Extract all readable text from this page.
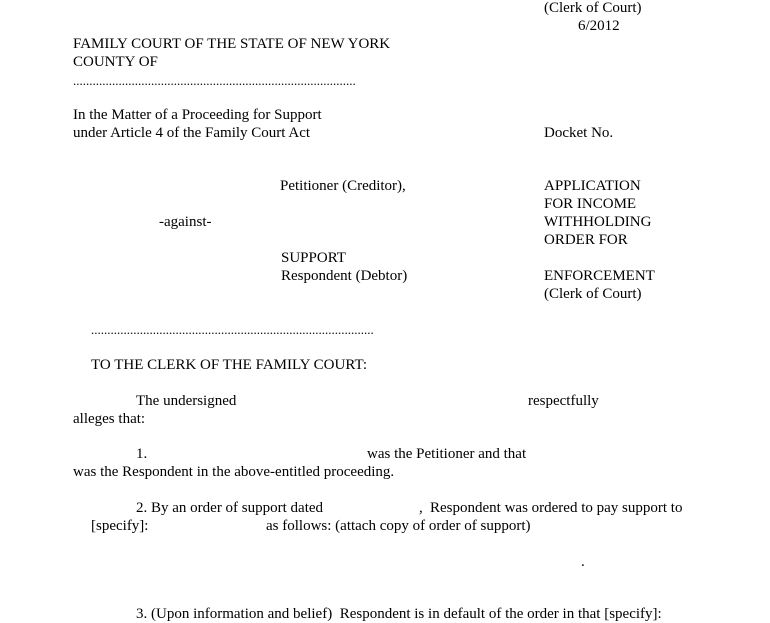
(Clerk of Court)
6/2012
FAMILY COURT OF THE STATE OF NEW YORK
COUNTY OF
.......................................................................................
In the Matter of a Proceeding for Support
under Article 4 of the Family Court Act	Docket No.
Petitioner (Creditor),	APPLICATION
FOR INCOME
-against-	WITHHOLDING
ORDER FOR
SUPPORT
Respondent (Debtor)	ENFORCEMENT
(Clerk of Court)
.......................................................................................
TO THE CLERK OF THE FAMILY COURT:
The undersigned	respectfully
alleges that:
1.	was the Petitioner and that
was the Respondent in the above-entitled proceeding.
2. By an order of support dated	, Respondent was ordered to pay support to
[specify]:	as follows: (attach copy of order of support)
.
3. (Upon information and belief)  Respondent is in default of the order in that [specify]:
